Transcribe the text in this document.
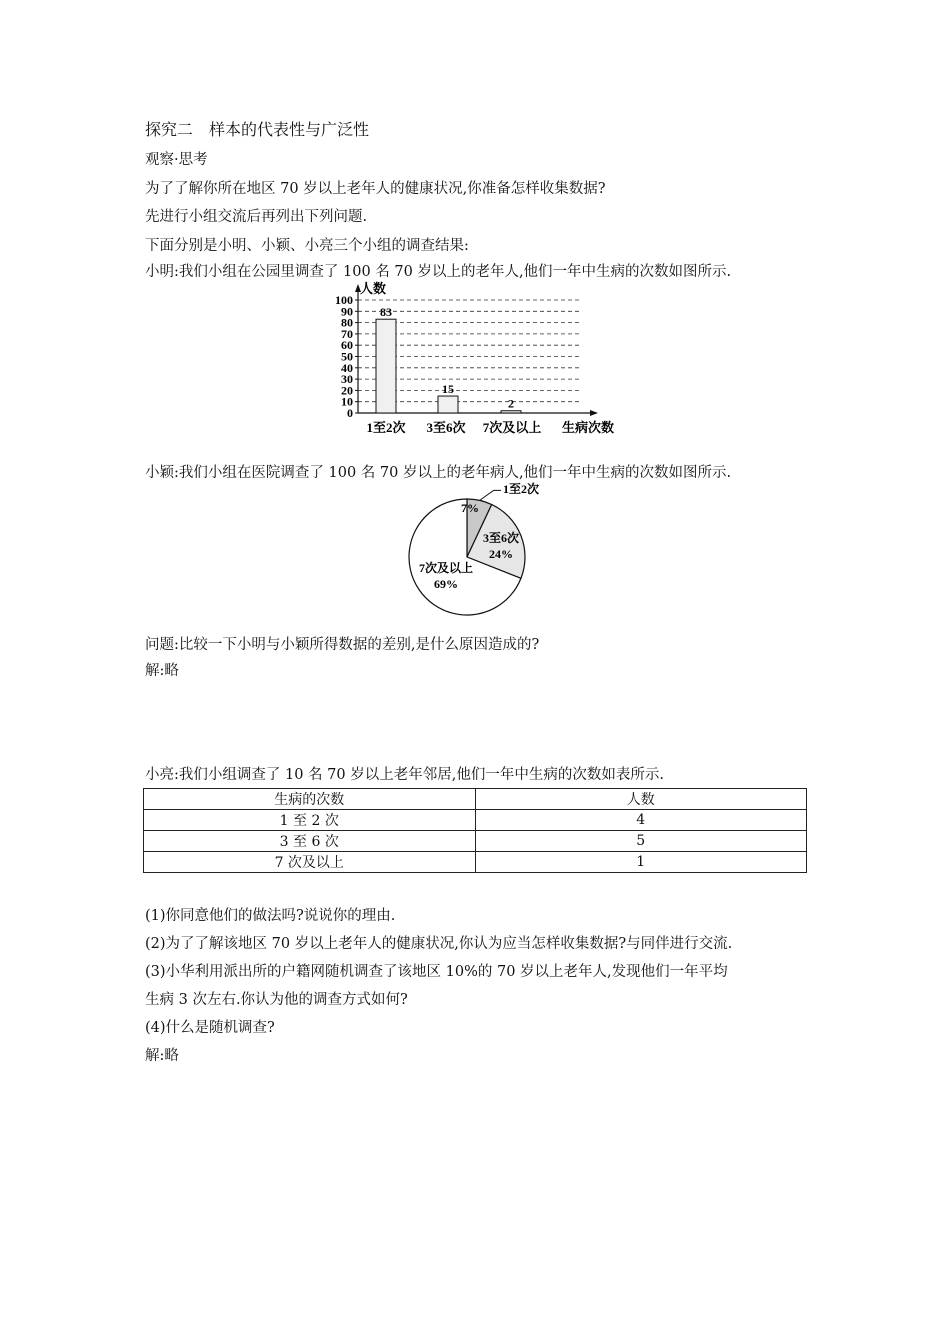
探究二　样本的代表性与广泛性
观察·思考
为了了解你所在地区 70 岁以上老年人的健康状况,你准备怎样收集数据?
先进行小组交流后再列出下列问题.
下面分别是小明、小颖、小亮三个小组的调查结果:
小明:我们小组在公园里调查了 100 名 70 岁以上的老年人,他们一年中生病的次数如图所示.
0
10
20
30
40
50
60
70
80
90
100
83
15
2
人数
生病次数
1至2次 3至6次 7次及以上
小颖:我们小组在医院调查了 100 名 70 岁以上的老年病人,他们一年中生病的次数如图所示.
1至2次
7%
3至6次
24%
7次及以上
69%
问题:比较一下小明与小颖所得数据的差别,是什么原因造成的?
解:略
小亮:我们小组调查了 10 名 70 岁以上老年邻居,他们一年中生病的次数如表所示.
生病的次数	人数
1 至 2 次	4
3 至 6 次	5
7 次及以上	1
(1)你同意他们的做法吗?说说你的理由.
(2)为了了解该地区 70 岁以上老年人的健康状况,你认为应当怎样收集数据?与同伴进行交流.
(3)小华利用派出所的户籍网随机调查了该地区 10%的 70 岁以上老年人,发现他们一年平均
生病 3 次左右.你认为他的调查方式如何?
(4)什么是随机调查?
解:略
